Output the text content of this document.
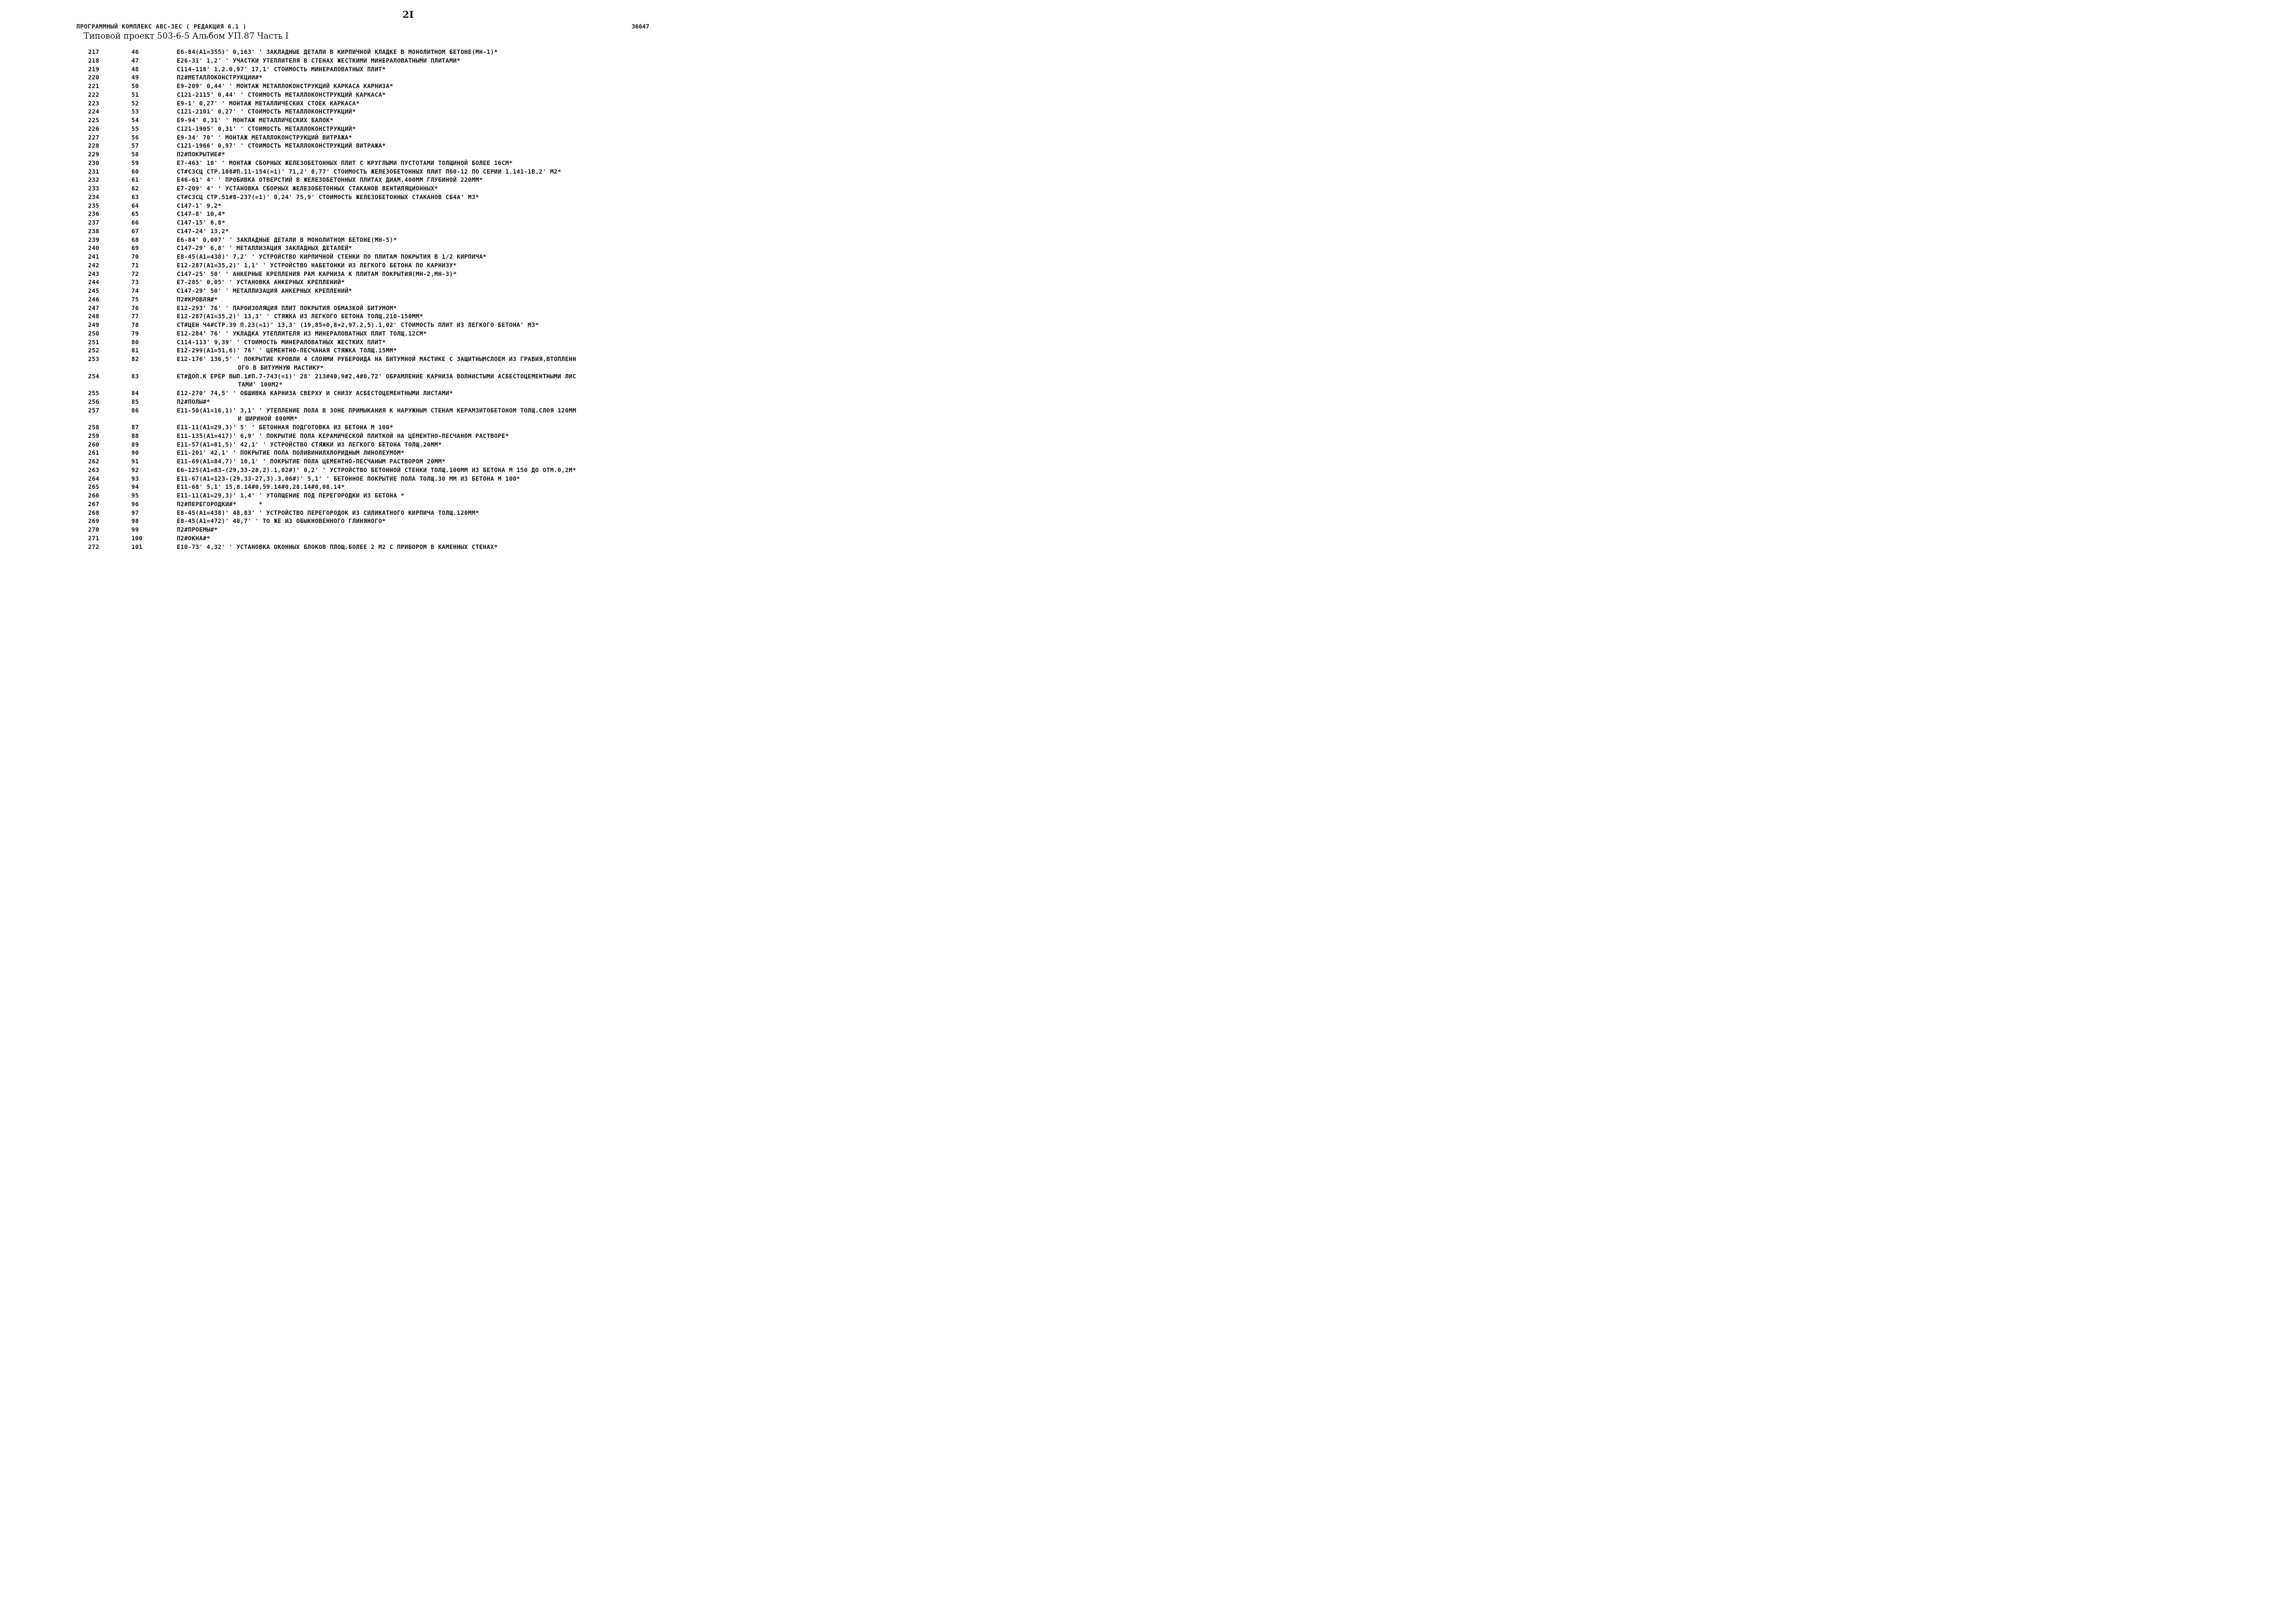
2I
ПРОГРАММНЫЙ КОМПЛЕКС АВС-3ЕС ( РЕДАКЦИЯ 6.1 )	36647
Типовой проект 503-6-5 Альбом УП.87 Часть I
217	46	Е6-84(А1=355)' 0,163' ' ЗАКЛАДНЫЕ ДЕТАЛИ В КИРПИЧНОЙ КЛАДКЕ В МОНОЛИТНОМ БЕТОНЕ(МН-1)*
218	47	Е26-31' 1,2' ' УЧАСТКИ УТЕПЛИТЕЛЯ В СТЕНАХ ЖЕСТКИМИ МИНЕРАЛОВАТНЫМИ ПЛИТАМИ*
219	48	С114-118' 1,2.0,97' 17,1' СТОИМОСТЬ МИНЕРАЛОВАТНЫХ ПЛИТ*
220	49	П2#МЕТАЛЛОКОНСТРУКЦИИ#*
221	50	Е9-209' 0,44' ' МОНТАЖ МЕТАЛЛОКОНСТРУКЦИЙ КАРКАСА КАРНИЗА*
222	51	С121-2115' 0,44' ' СТОИМОСТЬ МЕТАЛЛОКОНСТРУКЦИЙ КАРКАСА*
223	52	Е9-1' 0,27' ' МОНТАЖ МЕТАЛЛИЧЕСКИХ СТОЕК КАРКАСА*
224	53	С121-2101' 0,27' ' СТОИМОСТЬ МЕТАЛЛОКОНСТРУКЦИЙ*
225	54	Е9-94' 0,31' ' МОНТАЖ МЕТАЛЛИЧЕСКИХ БАЛОК*
226	55	С121-1905' 0,31' ' СТОИМОСТЬ МЕТАЛЛОКОНСТРУКЦИЙ*
227	56	Е9-34' 70' ' МОНТАЖ МЕТАЛЛОКОНСТРУКЦИЙ ВИТРАЖА*
228	57	С121-1966' 0,97' ' СТОИМОСТЬ МЕТАЛЛОКОНСТРУКЦИЙ ВИТРАЖА*
229	58	П2#ПОКРЫТИЕ#*
230	59	Е7-463' 10' ' МОНТАЖ СБОРНЫХ ЖЕЛЕЗОБЕТОННЫХ ПЛИТ С КРУГЛЫМИ ПУСТОТАМИ ТОЛЩИНОЙ БОЛЕЕ 16СМ*
231	60	СТ#СЗСЦ СТР.108#П.11-154(=1)' 71,2' 8,77' СТОИМОСТЬ ЖЕЛЕЗОБЕТОННЫХ ПЛИТ П60-12 ПО СЕРИИ 1.141-1В.2' М2*
232	61	Е46-61' 4' ' ПРОБИВКА ОТВЕРСТИЙ В ЖЕЛЕЗОБЕТОННЫХ ПЛИТАХ ДИАМ.400ММ ГЛУБИНОЙ 220ММ*
233	62	Е7-209' 4' ' УСТАНОВКА СБОРНЫХ ЖЕЛЕЗОБЕТОННЫХ СТАКАНОВ ВЕНТИЛЯЦИОННЫХ*
234	63	СТ#СЗСЦ СТР.51#8-237(=1)' 0,24' 75,9' СТОИМОСТЬ ЖЕЛЕЗОБЕТОННЫХ СТАКАНОВ СБ4А' М3*
235	64	С147-1' 9,2*
236	65	С147-8' 10,4*
237	66	С147-15' 6,8*
238	67	С147-24' 13,2*
239	68	Е6-84' 0,007' ' ЗАКЛАДНЫЕ ДЕТАЛИ В МОНОЛИТНОМ БЕТОНЕ(МН-5)*
240	69	С147-29' 6,8' ' МЕТАЛЛИЗАЦИЯ ЗАКЛАДНЫХ ДЕТАЛЕЙ*
241	70	Е8-45(А1=438)' 7,2' ' УСТРОЙСТВО КИРПИЧНОЙ СТЕНКИ ПО ПЛИТАМ ПОКРЫТИЯ В 1/2 КИРПИЧА*
242	71	Е12-287(А1=35,2)' 1,1' ' УСТРОЙСТВО НАБЕТОНКИ ИЗ ЛЕГКОГО БЕТОНА ПО КАРНИЗУ*
243	72	С147-25' 50' ' АНКЕРНЫЕ КРЕПЛЕНИЯ РАМ КАРНИЗА К ПЛИТАМ ПОКРЫТИЯ(МН-2,МН-3)*
244	73	Е7-285' 0,05' ' УСТАНОВКА АНКЕРНЫХ КРЕПЛЕНИЙ*
245	74	С147-29' 50' ' МЕТАЛЛИЗАЦИЯ АНКЕРНЫХ КРЕПЛЕНИЙ*
246	75	П2#КРОВЛЯ#*
247	76	Е12-293' 76' ' ПАРОИЗОЛЯЦИЯ ПЛИТ ПОКРЫТИЯ ОБМАЗКОЙ БИТУМОМ*
248	77	Е12-287(А1=35,2)' 13,3' ' СТЯЖКА ИЗ ЛЕГКОГО БЕТОНА ТОЛЩ.210-150ММ*
249	78	СТ#ЦЕН Ч4#СТР.39 П.23(=1)' 13,3' (19,85+0,8+2,97.2,5).1,02' СТОИМОСТЬ ПЛИТ ИЗ ЛЕГКОГО БЕТОНА' М3*
250	79	Е12-284' 76' ' УКЛАДКА УТЕПЛИТЕЛЯ ИЗ МИНЕРАЛОВАТНЫХ ПЛИТ ТОЛЩ.12СМ*
251	80	С114-113' 9,39' ' СТОИМОСТЬ МИНЕРАЛОВАТНЫХ ЖЕСТКИХ ПЛИТ*
252	81	Е12-299(А1=51,6)' 76' ' ЦЕМЕНТНО-ПЕСЧАНАЯ СТЯЖКА ТОЛЩ.15ММ*
253	82	Е12-176' 136,5' ' ПОКРЫТИЕ КРОВЛИ 4 СЛОЯМИ РУБЕРОИДА НА БИТУМНОЙ МАСТИКЕ С ЗАЩИТНЫМСЛОЕМ ИЗ ГРАВИЯ,ВТОПЛЕНН
ОГО В БИТУМНУЮ МАСТИКУ*
254	83	ЕТ#ДОП.К ЕРЕР ВЫП.1#П.7-743(=1)' 28' 213#40,9#2,4#0,72' ОБРАМЛЕНИЕ КАРНИЗА ВОЛНИСТЫМИ АСБЕСТОЦЕМЕНТНЫМИ ЛИС
ТАМИ' 100М2*
255	84	Е12-270' 74,5' ' ОБШИВКА КАРНИЗА СВЕРХУ И СНИЗУ АСБЕСТОЦЕМЕНТНЫМИ ЛИСТАМИ*
256	85	П2#ПОЛЫ#*
257	86	Е11-50(А1=16,1)' 3,1' ' УТЕПЛЕНИЕ ПОЛА В ЗОНЕ ПРИМЫКАНИЯ К НАРУЖНЫМ СТЕНАМ КЕРАМЗИТОБЕТОНОМ ТОЛЩ.СЛОЯ 120ММ
И ШИРИНОЙ 800ММ*
258	87	Е11-11(А1=29,3)' 5' ' БЕТОННАЯ ПОДГОТОВКА ИЗ БЕТОНА М 100*
259	88	Е11-135(А1=417)' 6,9' ' ПОКРЫТИЕ ПОЛА КЕРАМИЧЕСКОЙ ПЛИТКОЙ НА ЦЕМЕНТНО-ПЕСЧАНОМ РАСТВОРЕ*
260	89	Е11-57(А1=81,5)' 42,1' ' УСТРОЙСТВО СТЯЖКИ ИЗ ЛЕГКОГО БЕТОНА ТОЛЩ.20ММ*
261	90	Е11-201' 42,1' ' ПОКРЫТИЕ ПОЛА ПОЛИВИНИЛХЛОРИДНЫМ ЛИНОЛЕУМОМ*
262	91	Е11-69(А1=84,7)' 10,1' ' ПОКРЫТИЕ ПОЛА ЦЕМЕНТНО-ПЕСЧАНЫМ РАСТВОРОМ 20ММ*
263	92	Е6-125(А1=83-(29,33-28,2).1,02#)' 0,2' ' УСТРОЙСТВО БЕТОННОЙ СТЕНКИ ТОЛЩ.100ММ ИЗ БЕТОНА М 150 ДО ОТМ.0,2М*
264	93	Е11-67(А1=123-(29,33-27,3).3,06#)' 5,1' ' БЕТОННОЕ ПОКРЫТИЕ ПОЛА ТОЛЩ.30 ММ ИЗ БЕТОНА М 100*
265	94	Е11-68' 5,1' 15,8.14#0,59.14#0,28.14#0,08.14*
266	95	Е11-11(А1=29,3)' 1,4' ' УТОЛЩЕНИЕ ПОД ПЕРЕГОРОДКИ ИЗ БЕТОНА *
267	96	П2#ПЕРЕГОРОДКИ#*      *
268	97	Е8-45(А1=438)' 48,83' ' УСТРОЙСТВО ПЕРЕГОРОДОК ИЗ СИЛИКАТНОГО КИРПИЧА ТОЛЩ.120ММ*
269	98	Е8-45(А1=472)' 40,7' ' ТО ЖЕ ИЗ ОБЫКНОВЕННОГО ГЛИНЯНОГО*
270	99	П2#ПРОЕМЫ#*
271	100	П2#ОКНА#*
272	101	Е10-73' 4,32' ' УСТАНОВКА ОКОННЫХ БЛОКОВ ПЛОЩ.БОЛЕЕ 2 М2 С ПРИБОРОМ В КАМЕННЫХ СТЕНАХ*
